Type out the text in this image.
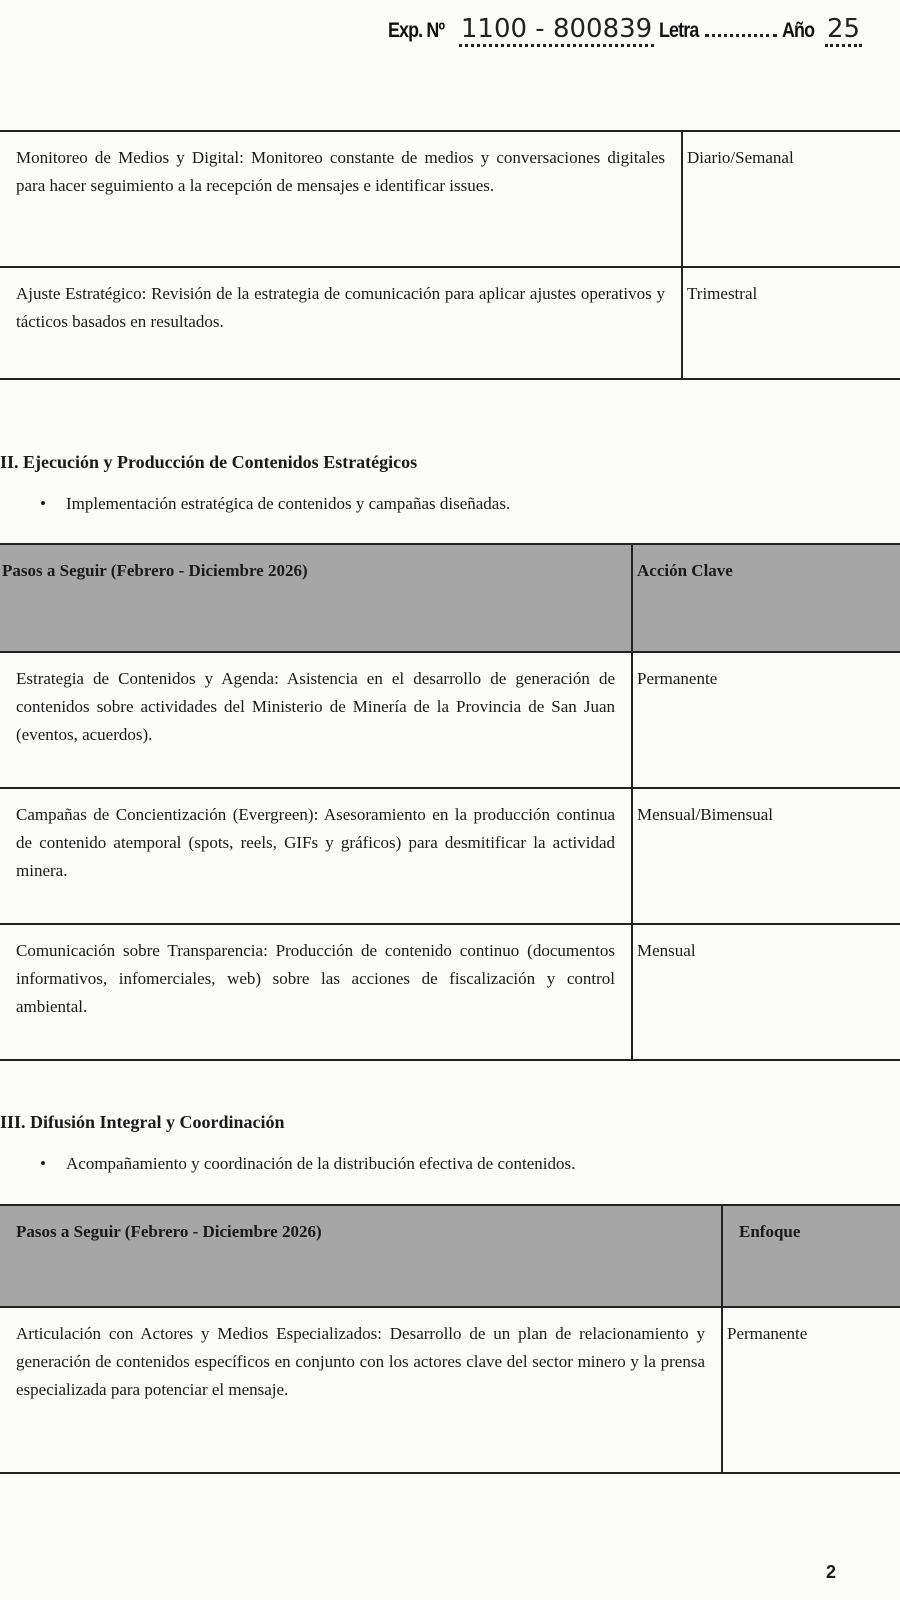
Exp. Nº 1100 - 800839 Letra	Año 25
Monitoreo de Medios y Digital: Monitoreo constante de medios y conversaciones digitales para hacer seguimiento a la recepción de mensajes e identificar issues.	Diario/Semanal
Ajuste Estratégico: Revisión de la estrategia de comunicación para aplicar ajustes operativos y tácticos basados en resultados.	Trimestral
II. Ejecución y Producción de Contenidos Estratégicos
• Implementación estratégica de contenidos y campañas diseñadas.
Pasos a Seguir (Febrero - Diciembre 2026)	Acción Clave
Estrategia de Contenidos y Agenda: Asistencia en el desarrollo de generación de contenidos sobre actividades del Ministerio de Minería de la Provincia de San Juan (eventos, acuerdos).	Permanente
Campañas de Concientización (Evergreen): Asesoramiento en la producción continua de contenido atemporal (spots, reels, GIFs y gráficos) para desmitificar la actividad minera.	Mensual/Bimensual
Comunicación sobre Transparencia: Producción de contenido continuo (documentos informativos, infomerciales, web) sobre las acciones de fiscalización y control ambiental.	Mensual
III. Difusión Integral y Coordinación
• Acompañamiento y coordinación de la distribución efectiva de contenidos.
Pasos a Seguir (Febrero - Diciembre 2026)	Enfoque
Articulación con Actores y Medios Especializados: Desarrollo de un plan de relacionamiento y generación de contenidos específicos en conjunto con los actores clave del sector minero y la prensa especializada para potenciar el mensaje.	Permanente
2
